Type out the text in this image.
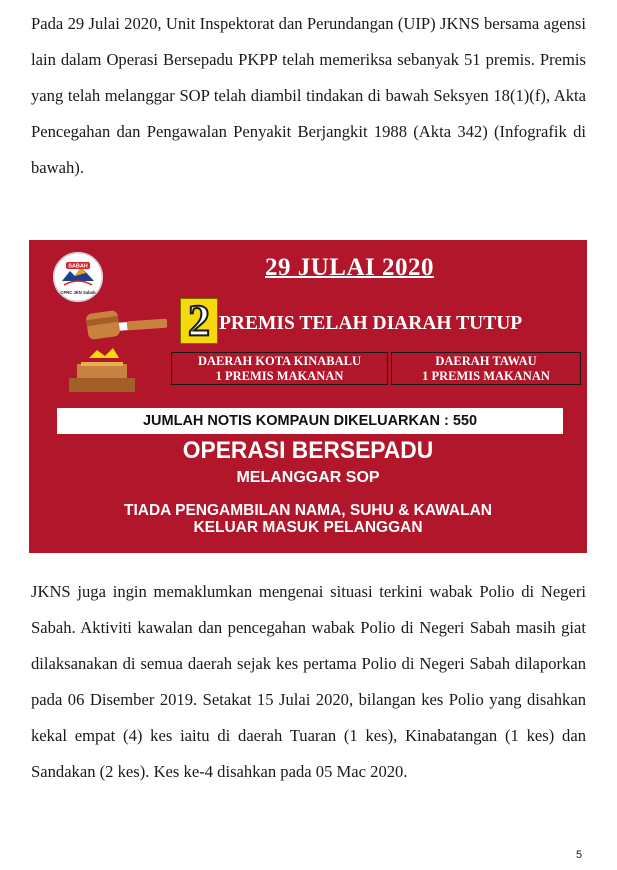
Pada 29 Julai 2020, Unit Inspektorat dan Perundangan (UIP) JKNS bersama agensi lain dalam Operasi Bersepadu PKPP telah memeriksa sebanyak 51 premis. Premis yang telah melanggar SOP telah diambil tindakan di bawah Seksyen 18(1)(f), Akta Pencegahan dan Pengawalan Penyakit Berjangkit 1988 (Akta 342) (Infografik di bawah).

SABAH
CPRC JKN Sabah
29 JULAI 2020
2 PREMIS TELAH DIARAH TUTUP
DAERAH KOTA KINABALU
1 PREMIS MAKANAN
DAERAH TAWAU
1 PREMIS MAKANAN
JUMLAH NOTIS KOMPAUN DIKELUARKAN : 550
OPERASI BERSEPADU
MELANGGAR SOP
TIADA PENGAMBILAN NAMA, SUHU & KAWALAN
KELUAR MASUK PELANGGAN

JKNS juga ingin memaklumkan mengenai situasi terkini wabak Polio di Negeri Sabah. Aktiviti kawalan dan pencegahan wabak Polio di Negeri Sabah masih giat dilaksanakan di semua daerah sejak kes pertama Polio di Negeri Sabah dilaporkan pada 06 Disember 2019. Setakat 15 Julai 2020, bilangan kes Polio yang disahkan kekal empat (4) kes iaitu di daerah Tuaran (1 kes), Kinabatangan (1 kes) dan Sandakan (2 kes). Kes ke-4 disahkan pada 05 Mac 2020.

5
